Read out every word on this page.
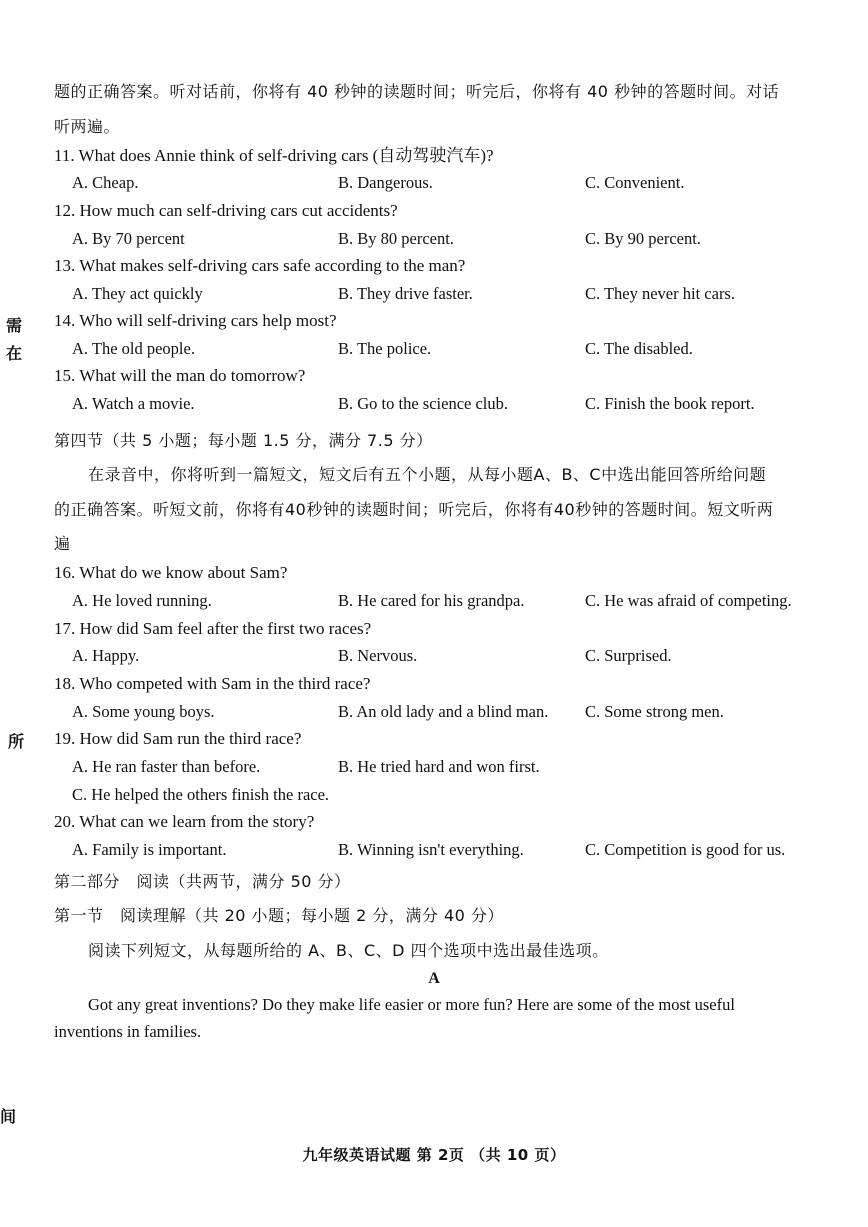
需
在
所
间
题的正确答案。听对话前，你将有 40 秒钟的读题时间；听完后，你将有 40 秒钟的答题时间。对话
听两遍。
11. What does Annie think of self-driving cars (自动驾驶汽车)?
A. Cheap.	B. Dangerous.	C. Convenient.
12. How much can self-driving cars cut accidents?
A. By 70 percent	B. By 80 percent.	C. By 90 percent.
13. What makes self-driving cars safe according to the man?
A. They act quickly	B. They drive faster.	C. They never hit cars.
14. Who will self-driving cars help most?
A. The old people.	B. The police.	C. The disabled.
15. What will the man do tomorrow?
A. Watch a movie.	B. Go to the science club.	C. Finish the book report.
第四节（共 5 小题；每小题 1.5 分，满分 7.5 分）
在录音中，你将听到一篇短文，短文后有五个小题，从每小题A、B、C中选出能回答所给问题
的正确答案。听短文前，你将有40秒钟的读题时间；听完后，你将有40秒钟的答题时间。短文听两
遍
16. What do we know about Sam?
A. He loved running.	B. He cared for his grandpa.	C. He was afraid of competing.
17. How did Sam feel after the first two races?
A. Happy.	B. Nervous.	C. Surprised.
18. Who competed with Sam in the third race?
A. Some young boys.	B. An old lady and a blind man. C. Some strong men.
19. How did Sam run the third race?
A. He ran faster than before.	B. He tried hard and won first.
C. He helped the others finish the race.
20. What can we learn from the story?
A. Family is important.	B. Winning isn't everything.	C. Competition is good for us.
第二部分　阅读（共两节，满分 50 分）
第一节　阅读理解（共 20 小题；每小题 2 分，满分 40 分）
阅读下列短文，从每题所给的 A、B、C、D 四个选项中选出最佳选项。
A
Got any great inventions? Do they make life easier or more fun? Here are some of the most useful
inventions in families.
九年级英语试题 第 2页 （共 10 页）
